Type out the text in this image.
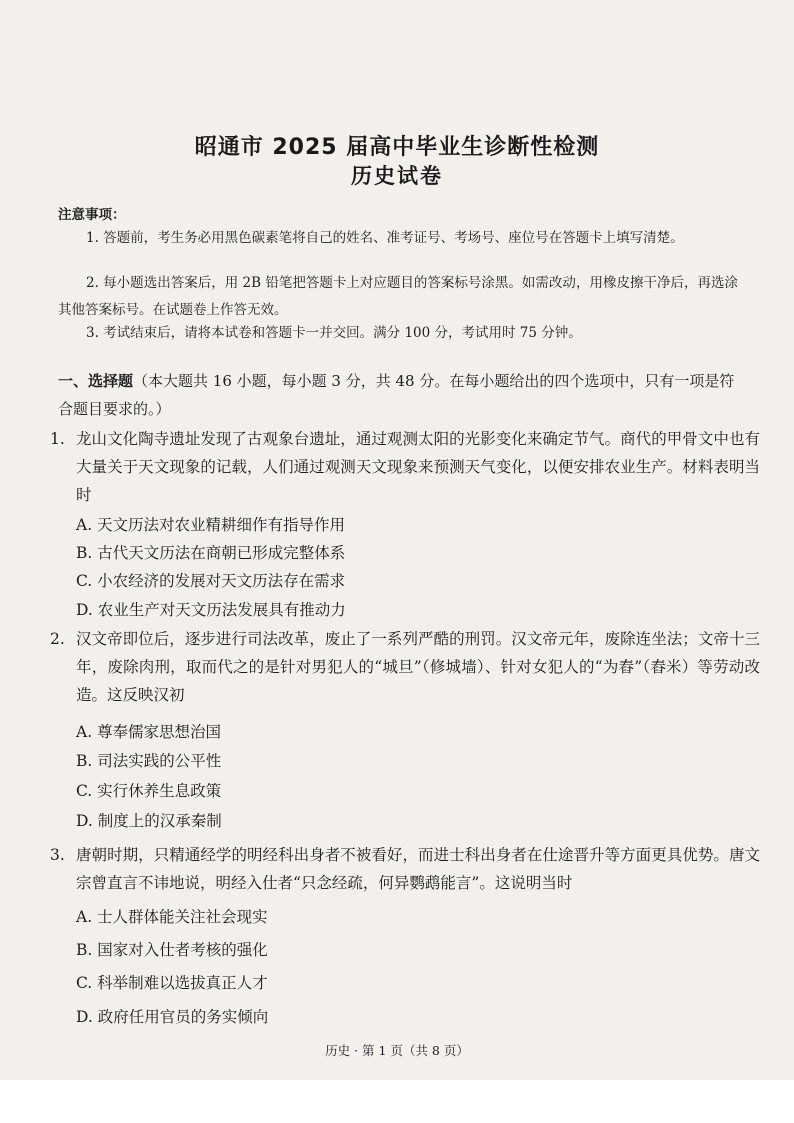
昭通市 2025 届高中毕业生诊断性检测
历史试卷
注意事项：
1. 答题前，考生务必用黑色碳素笔将自己的姓名、准考证号、考场号、座位号在答题卡上填写清楚。
2. 每小题选出答案后，用 2B 铅笔把答题卡上对应题目的答案标号涂黑。如需改动，用橡皮擦干净后，再选涂其他答案标号。在试题卷上作答无效。
3. 考试结束后，请将本试卷和答题卡一并交回。满分 100 分，考试用时 75 分钟。
一、选择题（本大题共 16 小题，每小题 3 分，共 48 分。在每小题给出的四个选项中，只有一项是符合题目要求的。）
1. 龙山文化陶寺遗址发现了古观象台遗址，通过观测太阳的光影变化来确定节气。商代的甲骨文中也有大量关于天文现象的记载，人们通过观测天文现象来预测天气变化，以便安排农业生产。材料表明当时
A. 天文历法对农业精耕细作有指导作用
B. 古代天文历法在商朝已形成完整体系
C. 小农经济的发展对天文历法存在需求
D. 农业生产对天文历法发展具有推动力
2. 汉文帝即位后，逐步进行司法改革，废止了一系列严酷的刑罚。汉文帝元年，废除连坐法；文帝十三年，废除肉刑，取而代之的是针对男犯人的“城旦”（修城墙）、针对女犯人的“为舂”（舂米）等劳动改造。这反映汉初
A. 尊奉儒家思想治国
B. 司法实践的公平性
C. 实行休养生息政策
D. 制度上的汉承秦制
3. 唐朝时期，只精通经学的明经科出身者不被看好，而进士科出身者在仕途晋升等方面更具优势。唐文宗曾直言不讳地说，明经入仕者“只念经疏，何异鹦鹉能言”。这说明当时
A. 士人群体能关注社会现实
B. 国家对入仕者考核的强化
C. 科举制难以选拔真正人才
D. 政府任用官员的务实倾向
历史 · 第 1 页（共 8 页）
